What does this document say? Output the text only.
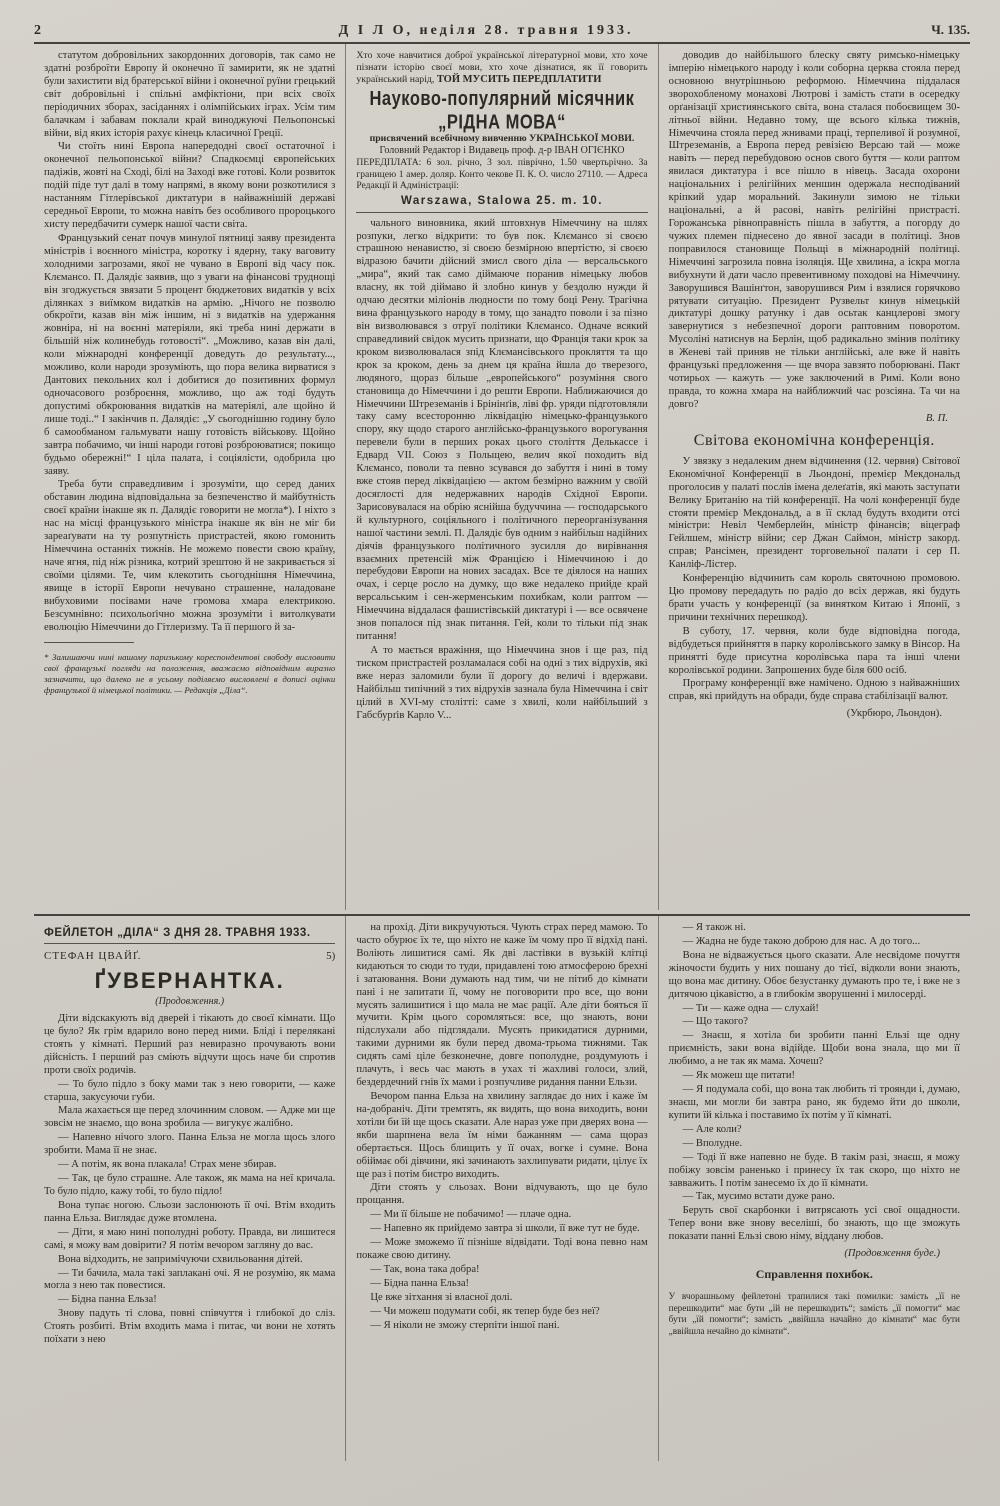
2	Д І Л О, неділя 28. травня 1933.	Ч. 135.

статутом добровільних закордонних договорів, так само не здатні розброїти Европу й оконечно її замирити, як не здатні були захистити від братерської війни і оконечної руїни грецький світ добровільні і спільні амфіктіони, при всіх своїх періодичних зборах, засіданнях і олімпійських іграх. Усім тим балачкам і забавам поклали край виноджуючі Пельопонські війни, від яких історія рахує кінець класичної Греції.

Чи стоїть нині Европа напередодні своєї остаточної і оконечної пельопонської війни? Спадкоємці європейських падіжів, жовті на Сході, білі на Заході вже готові. Коли розвиток подій піде тут далі в тому напрямі, в якому вони розкотилися з настанням Гітлерівської диктатури в найважнішій державі середньої Европи, то можна навіть без особливого пророцького хисту передбачити сумерк нашої части світа.

Французький сенат почув минулої пятниці заяву президента міністрів і воєнного міністра, коротку і ядерну, таку ваговиту холодними загрозами, якої не чувано в Европі від часу пок. Клємансо. П. Далядіє заявив, що з уваги на фінансові труднощі він згоджується звязати 5 процент бюджетових видатків у всіх ділянках з виїмком видатків на армію. „Нічого не позволю обкроїти, казав він між іншим, ні з видатків на удержання жовніра, ні на воєнні матеріяли, які треба нині держати в більшій ніж колинебудь готовості“. „Можливо, казав він далі, коли міжнародні конференції доведуть до результату..., можливо, коли народи зрозуміють, що пора велика вирватися з Дантових пекольних кол і добитися до позитивних формул одночасового розброєння, можливо, що аж тоді будуть допустимі обкроювання видатків на матеріялі, але щойно й лише тоді..“ І закінчив п. Далядіє: „У сьогоднішню годину було б самообманом гальмувати нашу готовість військову. Щойно завтра побачимо, чи інші народи готові розброюватися; покищо будьмо обережні!“ І ціла палата, і соціялісти, одобрила цю заяву.

Треба бути справедливим і зрозуміти, що серед даних обставин людина відповідальна за безпеченство й майбутність своєї країни інакше як п. Далядіє говорити не могла*). І ніхто з нас на місці французького міністра інакше як він не міг би зареаґувати на ту розпутність пристрастей, якою гомонить Німеччина останніх тижнів. Не можемо повести свою країну, наче ягня, під ніж різника, котрий зрештою й не закривається зі своїми цілями. Те, чим клекотить сьогоднішня Німеччина, явище в історії Европи нечувано страшенне, наладоване вибуховими посівами наче громова хмара електрикою. Безсумнівно: психольоґічно можна зрозуміти і витолкувати еволюцію Німеччини до Гітлеризму. Та її першого й за-

* Залишаючи нині нашому паризькому кореспондентові свободу висловити свої французькі погляди на положення, вважаємо відповідним виразно зазначити, що далеко не в усьому поділяємо висловлені в дописі оцінки французької й німецької політики. — Редакція „Діла“.

Хто хоче навчитися доброї української літературної мови, хто хоче пізнати історію своєї мови, хто хоче дізнатися, як її говорить український нарід, ТОЙ МУСИТЬ ПЕРЕДПЛАТИТИ

Науково-популярний місячник „РІДНА МОВА“

присвячений всебічному вивченню УКРАЇНСЬКОЇ МОВИ.

Головний Редактор і Видавець проф. д-р ІВАН ОГІЄНКО

ПЕРЕДПЛАТА: 6 зол. річно, 3 зол. піврічно, 1.50 чвертьрічно. За границею 1 амер. доляр. Конто чекове П. К. О. число 27110. — Адреса Редакції й Адміністрації:

Warszawa, Stalowa 25. m. 10.

чального виновника, який штовхнув Німеччину на шлях розпуки, легко відкрити: то був пок. Клємансо зі своєю страшною ненавистю, зі своєю безмірною впертістю, зі своєю відразою бачити дійсний змисл свого діла — версальського „мира“, який так само діймаюче поранив німецьку любов власну, як той діймаво й злобно кинув у бездолю нужди й одчаю десятки міліонів людности по тому боці Рену. Трагічна вина французького народу в тому, що занадто поволи і за пізно він визволювався з отруї політики Клємансо. Одначе всякий справедливий свідок мусить признати, що Франція таки крок за кроком визволювалася зпід Клємансівського прокляття та що крок за кроком, день за днем ця країна йшла до тверезого, людяного, щораз більше „европейського“ розуміння свого становища до Німеччини і до решти Европи. Наближаючися до Німеччини Штреземанів і Брінінґів, ліві фр. уряди підготовляли таку саму всесторонню ліквідацію німецько-французького спору, яку щодо старого англійсько-французького ворогування перевели були в перших роках цього століття Делькассе і Едвард VII. Союз з Польщею, велич якої походить від Клємансо, поволи та певно зсувався до забуття і нині в тому вже стояв перед ліквідацією — актом безмірно важним у своїй досяглості для недержавних народів Східної Европи. Зарисовувалася на обрію яснійша будуччина — господарського й культурного, соціяльного і політичного переорганізування нашої частини землі. П. Далядіє був одним з найбільш надійних діячів французького політичного зусилля до вирівнання взаємних претенсій між Францією і Німеччиною і до перебудови Европи на нових засадах. Все те діялося на наших очах, і серце росло на думку, що вже недалеко прийде край версальським і сен-жерменським похибкам, коли раптом — Німеччина віддалася фашистівській диктатурі і — все освячене знов попалося під знак питання. Гей, коли то тільки під знак питання!

А то мається вражіння, що Німеччина знов і ще раз, під тиском пристрастей розламалася собі на одні з тих відрухів, які вже нераз заломили були її дорогу до величі і вдержави. Найбільш типічний з тих відрухів зазнала була Німеччина і світ цілий в XVI-му столітті: саме з хвилі, коли найбільший з Габсбурґів Карло V...

доводив до найбільшого блеску святу римсько-німецьку імперію німецького народу і коли соборна церква стояла перед основною внутрішньою реформою. Німеччина піддалася зворохобленому монахові Лютрові і замість стати в осередку орґанізації християнського світа, вона сталася побоєвищем 30-літньої війни. Недавно тому, ще всього кілька тижнів, Німеччина стояла перед жнивами праці, терпеливої й розумної, Штреземанів, а Европа перед ревізією Версаю тай — може навіть — перед перебудовою основ свого буття — коли раптом явилася диктатура і все пішло в нівець. Засада охорони національних і релігійних меншин одержала несподіваний кріпкий удар моральний. Закинули зимою не тільки національні, а й расові, навіть релігійні пристрасті. Горожанська рівноправність пішла в забуття, а погорду до чужих племен піднесено до явної засади в політиці. Знов поправилося становище Польщі в міжнародній політиці. Німеччині загрозила повна ізоляція. Ще хвилина, а іскра могла вибухнути й дати часло превентивному походові на Німеччину. Заворушився Вашінґтон, заворушився Рим і взялися горячково рятувати ситуацію. Президент Рузвельт кинув німецькій диктатурі дошку ратунку і дав осьтак канцлерові змогу завернутися з небезпечної дороги раптовним поворотом. Мусоліні натиснув на Берлін, щоб радикально змінив політику в Женеві тай приняв не тільки англійські, але вже й навіть французькі предложення — ще вчора завзято поборювані. Пакт чотирьох — кажуть — уже заключений в Римі. Коли воно правда, то кожна хмара на найближчий час розсіяна. Та чи на довго?

В. П.

Світова економічна конференція.

У звязку з недалеким днем відчинення (12. червня) Світової Економічної Конференції в Льондоні, премієр Мекдональд проголосив у палаті послів імена делеґатів, які мають заступати Велику Британію на тій конференції. На чолі конференції буде стояти премієр Мекдональд, а в її склад будуть входити отсі міністри: Невіл Чемберлейн, міністр фінансів; віцеграф Гейлшем, міністр війни; сер Джан Саймон, міністр закорд. справ; Рансімен, президент торговельної палати і сер П. Канліф-Лістер.

Конференцію відчинить сам король святочною промовою. Цю промову передадуть по радіо до всіх держав, які будуть брати участь у конференції (за винятком Китаю і Японії, з причини технічних перешкод).

В суботу, 17. червня, коли буде відповідна погода, відбудеться прийняття в парку королівського замку в Вінсор. На принятті буде присутна королівська пара та інші члени королівської родини. Запрошених буде біля 600 осіб.

Програму конференції вже намічено. Одною з найважніших справ, які прийдуть на обради, буде справа стабілізації валют.

(Укрбюро, Льондон).

ФЕЙЛЕТОН „ДІЛА“ З ДНЯ 28. ТРАВНЯ 1933.
СТЕФАН ЦВАЙҐ.	5)
ҐУВЕРНАНТКА.
(Продовження.)

Діти відскакують від дверей і тікають до своєї кімнати. Що це було? Як грім вдарило воно перед ними. Бліді і перелякані стоять у кімнаті. Перший раз невиразно прочувають вони дійсність. І перший раз сміють відчути щось наче би спротив проти своїх родичів.

— То було підло з боку мами так з нею говорити, — каже старша, закусуючи губи.

Мала жахається ще перед злочинним словом. — Адже ми ще зовсім не знаємо, що вона зробила — вигукує жалібно.

— Напевно нічого злого. Панна Ельза не могла щось злого зробити. Мама її не знає.

— А потім, як вона плакала! Страх мене збирав.

— Так, це було страшне. Але також, як мама на неї кричала. То було підло, кажу тобі, то було підло!

Вона тупає ногою. Сльози заслонюють її очі. Втім входить панна Ельза. Виглядає дуже втомлена.

— Діти, я маю нині пополудні роботу. Правда, ви лишитеся самі, я можу вам довірити? Я потім вечором загляну до вас.

Вона відходить, не запримічуючи схвильовання дітей.

— Ти бачила, мала такі заплакані очі. Я не розумію, як мама могла з нею так повестися.

— Бідна панна Ельза!

Знову падуть ті слова, повні співчуття і глибокої до сліз. Стоять розбиті. Втім входить мама і питає, чи вони не хотять поїхати з нею

на прохід. Діти викручуються. Чують страх перед мамою. То часто обурює їх те, що ніхто не каже їм чому про її відхід пані. Воліють лишитися самі. Як дві ластівки в вузькій клітці кидаються то сюди то туди, придавлені тою атмосферою брехні і затаювання. Вони думають над тим, чи не пітиб до кімнати пані і не запитати її, чому не поговорити про все, що вони мусять залишитися і що мала не має рації. Але діти бояться її мучити. Крім цього соромляться: все, що знають, вони підслухали або підглядали. Мусять прикидатися дурними, такими дурними як були перед двома-трьома тижнями. Так сидять самі ціле безконечне, довге пополудне, роздумують і плачуть, і весь час мають в ухах ті жахливі голоси, злий, бездердечний гнів їх мами і розпучливе ридання панни Ельзи.

Вечором панна Ельза на хвилину заглядає до них і каже їм на-добраніч. Діти тремтять, як видять, що вона виходить, вони хотіли би їй ще щось сказати. Але нараз уже при дверях вона — якби шарпнена вела їм німи бажанням — сама щораз обертається. Щось блищить у її очах, вогке і сумне. Вона обіймає обі дівчини, які зачинають захлипувати ридати, цілує їх ще раз і потім бистро виходить.

Діти стоять у сльозах. Вони відчувають, що це було прощання.

— Ми її більше не побачимо! — плаче одна.

— Напевно як прийдемо завтра зі школи, її вже тут не буде.

— Може зможемо її пізніше відвідати. Тоді вона певно нам покаже свою дитину.

— Так, вона така добра!

— Бідна панна Ельза!

Це вже зітхання зі власної долі.

— Чи можеш подумати собі, як тепер буде без неї?

— Я ніколи не зможу стерпіти іншої пані.

— Я також ні.

— Жадна не буде такою доброю для нас. А до того...

Вона не відважується цього сказати. Але несвідоме почуття жіночости будить у них пошану до тієї, відколи вони знають, що вона має дитину. Обоє безустанку думають про те, і вже не з дитячою цікавістю, а в глибокім зворушенні і милосерді.

— Ти — каже одна — слухай!

— Що такого?

— Знаєш, я хотіла би зробити панні Ельзі ще одну приємність, заки вона відійде. Щоби вона знала, що ми її любимо, а не так як мама. Хочеш?

— Як можеш ще питати!

— Я подумала собі, що вона так любить ті троянди і, думаю, знаєш, ми могли би завтра рано, як будемо йти до школи, купити їй кілька і поставимо їх потім у її кімнаті.

— Але коли?

— Вполудне.

— Тоді її вже напевно не буде. В такім разі, знаєш, я можу побіжу зовсім раненько і принесу їх так скоро, що ніхто не завважить. І потім занесемо їх до її кімнати.

— Так, мусимо встати дуже рано.

Беруть свої скарбонки і витрясають усі свої ощадности. Тепер вони вже знову веселіші, бо знають, що ще зможуть показати панні Ельзі свою німу, віддану любов.

(Продовження буде.)

Справлення похибок.

У вчорашньому фейлетоні трапилися такі помилки: замість „її не перешкодити“ має бути „їй не перешкодить“; замість „її помогти“ має бути „їй помогти“; замість „ввійшла начайно до кімнати“ має бути „ввійшла нечайно до кімнати“.
